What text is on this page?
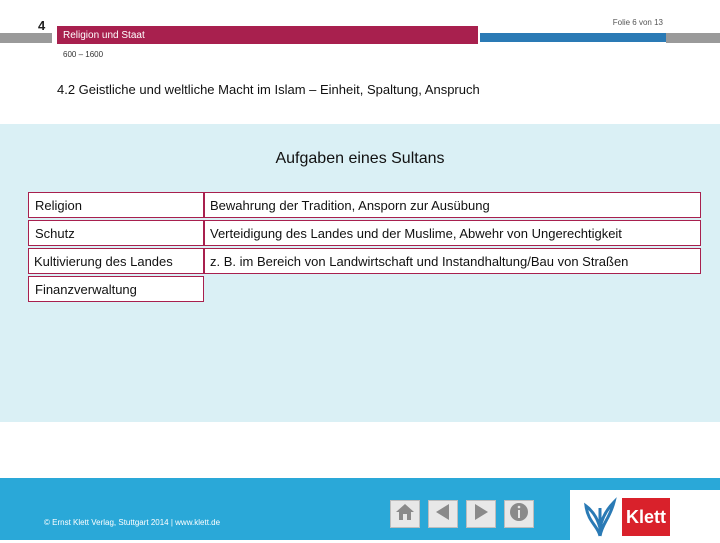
4	Folie 6 von 13
Religion und Staat
600 – 1600
4.2 Geistliche und weltliche Macht im Islam – Einheit, Spaltung, Anspruch
Aufgaben eines Sultans
Religion	Bewahrung der Tradition, Ansporn zur Ausübung
Schutz	Verteidigung des Landes und der Muslime, Abwehr von Ungerechtigkeit
Kultivierung des Landes	z. B. im Bereich von Landwirtschaft und Instandhaltung/Bau von Straßen
Finanzverwaltung
© Ernst Klett Verlag, Stuttgart 2014 | www.klett.de	Klett
